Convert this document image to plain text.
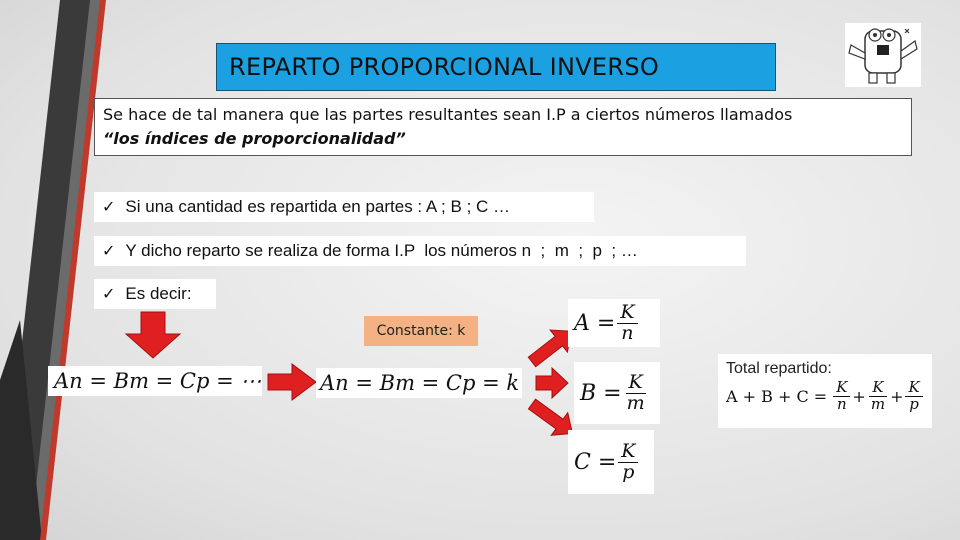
REPARTO PROPORCIONAL INVERSO
Se hace de tal manera que las partes resultantes sean I.P a ciertos números llamados
“los índices de proporcionalidad”
✓ Si una cantidad es repartida en partes : A ; B ; C …
✓ Y dicho reparto se realiza de forma I.P  los números n  ;  m  ;  p  ; …
✓ Es decir:
Constante: k
An = Bm = Cp = ⋯	An = Bm = Cp = k
$A = \frac{K}{n}$
$B = \frac{K}{m}$
$C = \frac{K}{p}$
Total repartido:
$A + B + C = \frac{K}{n} + \frac{K}{m} + \frac{K}{p}$
